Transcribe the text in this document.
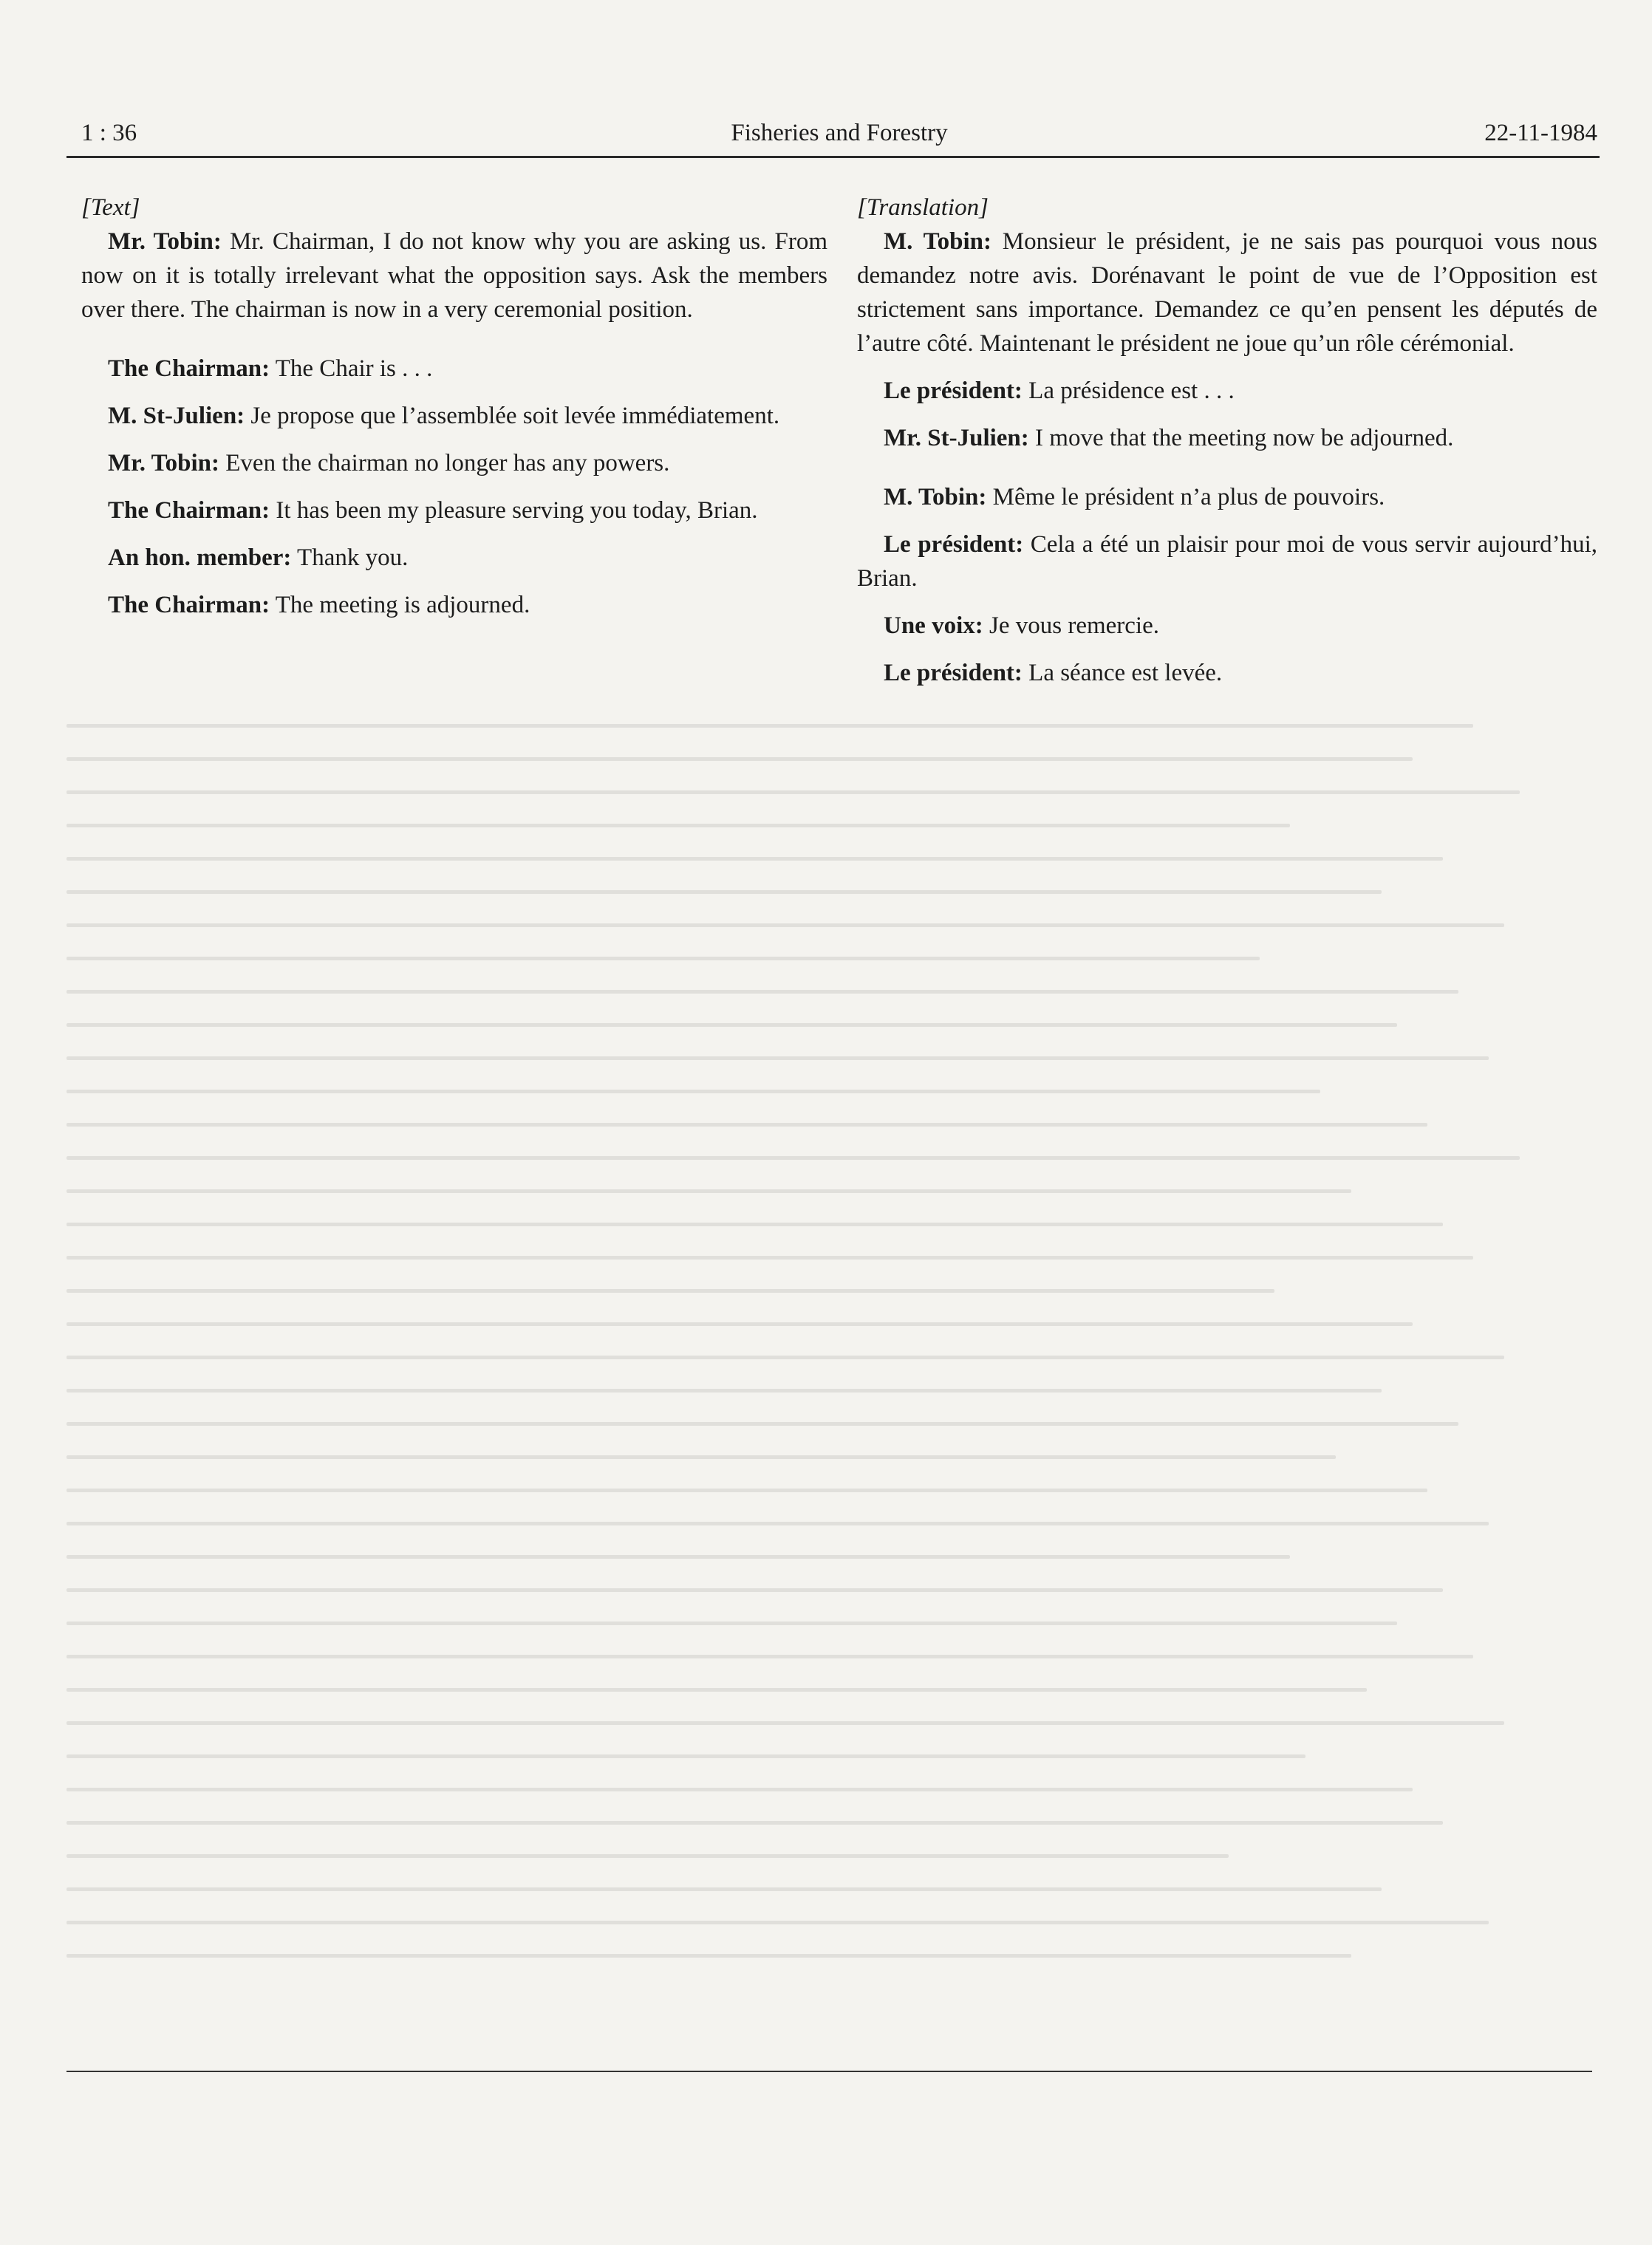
1 : 36	Fisheries and Forestry	22-11-1984

[Text]

Mr. Tobin: Mr. Chairman, I do not know why you are asking us. From now on it is totally irrelevant what the opposition says. Ask the members over there. The chairman is now in a very ceremonial position.

The Chairman: The Chair is . . .

M. St-Julien: Je propose que l’assemblée soit levée immédiatement.

Mr. Tobin: Even the chairman no longer has any powers.

The Chairman: It has been my pleasure serving you today, Brian.

An hon. member: Thank you.

The Chairman: The meeting is adjourned.

[Translation]

M. Tobin: Monsieur le président, je ne sais pas pourquoi vous nous demandez notre avis. Dorénavant le point de vue de l’Opposition est strictement sans importance. Demandez ce qu’en pensent les députés de l’autre côté. Maintenant le président ne joue qu’un rôle cérémonial.

Le président: La présidence est . . .

Mr. St-Julien: I move that the meeting now be adjourned.

M. Tobin: Même le président n’a plus de pouvoirs.

Le président: Cela a été un plaisir pour moi de vous servir aujourd’hui, Brian.

Une voix: Je vous remercie.

Le président: La séance est levée.
